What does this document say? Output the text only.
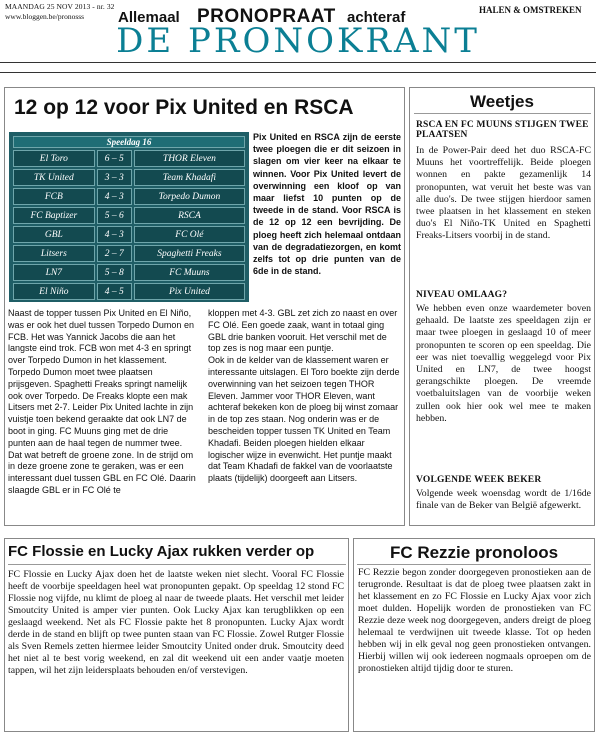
MAANDAG 25 NOV 2013 - nr. 32
www.bloggen.be/pronosss Allemaal PRONOPRAAT achteraf	HALEN & OMSTREKEN
DE PRONOKRANT
12 op 12 voor Pix United en RSCA
Speeldag 16		
El Toro	6 – 5	THOR Eleven
TK United	3 – 3	Team Khadafi
FCB	4 – 3	Torpedo Dumon
FC Baptizer	5 – 6	RSCA
GBL	4 – 3	FC Olé
Litsers	2 – 7	Spaghetti Freaks
LN7	5 – 8	FC Muuns
El Niño	4 – 5	Pix United
Pix United en RSCA zijn de eerste twee ploegen die er dit seizoen in slagen om vier keer na elkaar te winnen. Voor Pix United levert de overwinning een kloof op van maar liefst 10 punten op de tweede in de stand. Voor RSCA is de 12 op 12 een bevrijding. De ploeg heeft zich helemaal ontdaan van de degradatiezorgen, en komt zelfs tot op drie punten van de 6de in de stand.
Naast de topper tussen Pix United en El Niño, was er ook het duel tussen Torpedo Dumon en FCB. Het was Yannick Jacobs die aan het langste eind trok. FCB won met 4-3 en springt over Torpedo Dumon in het klassement. Torpedo Dumon moet twee plaatsen prijsgeven. Spaghetti Freaks springt namelijk ook over Torpedo. De Freaks klopte een mak Litsers met 2-7. Leider Pix United lachte in zijn vuistje toen bekend geraakte dat ook LN7 de boot in ging. FC Muuns ging met de drie punten aan de haal tegen de nummer twee. Dat wat betreft de groene zone. In de strijd om in deze groene zone te geraken, was er een interessant duel tussen GBL en FC Olé. Daarin slaagde GBL er in FC Olé te
kloppen met 4-3. GBL zet zich zo naast en over FC Olé. Een goede zaak, want in totaal ging GBL drie banken vooruit. Het verschil met de top zes is nog maar een puntje.
Ook in de kelder van de klassement waren er interessante uitslagen. El Toro boekte zijn derde overwinning van het seizoen tegen THOR Eleven. Jammer voor THOR Eleven, want achteraf bekeken kon de ploeg bij winst zomaar in de top zes staan. Nog onderin was er de bescheiden topper tussen TK United en Team Khadafi. Beiden ploegen hielden elkaar logischer wijze in evenwicht. Het puntje maakt dat Team Khadafi de fakkel van de voorlaatste plaats (tijdelijk) doorgeeft aan Litsers.
Weetjes
RSCA EN FC MUUNS STIJGEN TWEE PLAATSEN
In de Power-Pair deed het duo RSCA-FC Muuns het voortreffelijk. Beide ploegen wonnen en pakte gezamenlijk 14 pronopunten, wat veruit het beste was van alle duo's. De twee stijgen hierdoor samen twee plaatsen in het klassement en steken duo's El Niño-TK United en Spaghetti Freaks-Litsers voorbij in de stand.
NIVEAU OMLAAG?
We hebben even onze waardemeter boven gehaald. De laatste zes speeldagen zijn er maar twee ploegen in geslaagd 10 of meer pronopunten te scoren op een speeldag. Die eer was niet toevallig weggelegd voor Pix United en LN7, de twee hoogst gerangschikte ploegen. De vreemde voetbaluitslagen van de voorbije weken zullen ook hier ook wel mee te maken hebben.
VOLGENDE WEEK BEKER
Volgende week woensdag wordt de 1/16de finale van de Beker van België afgewerkt.
FC Flossie en Lucky Ajax rukken verder op
FC Flossie en Lucky Ajax doen het de laatste weken niet slecht. Vooral FC Flossie heeft de voorbije speeldagen heel wat pronopunten gepakt. Op speeldag 12 stond FC Flossie nog vijfde, nu klimt de ploeg al naar de tweede plaats. Het verschil met leider Smoutcity United is amper vier punten. Ook Lucky Ajax kan terugblikken op een geslaagd weekend. Net als FC Flossie pakte het 8 pronopunten. Lucky Ajax wordt derde in de stand en blijft op twee punten staan van FC Flossie. Zowel Rutger Flossie als Sven Remels zetten hiermee leider Smoutcity United onder druk. Smoutcity deed het niet al te best vorig weekend, en zal dit weekend uit een ander vaatje moeten tappen, wil het zijn leidersplaats behouden en/of verstevigen.
FC Rezzie pronoloos
FC Rezzie begon zonder doorgegeven pronostieken aan de terugronde. Resultaat is dat de ploeg twee plaatsen zakt in het klassement en zo FC Flossie en Lucky Ajax voor zich moet dulden. Hopelijk worden de pronostieken van FC Rezzie deze week nog doorgegeven, anders dreigt de ploeg helemaal te verdwijnen uit tweede klasse. Tot op heden hebben wij in elk geval nog geen pronostieken ontvangen. Hierbij willen wij ook iedereen nogmaals oproepen om de pronostieken altijd tijdig door te sturen.
